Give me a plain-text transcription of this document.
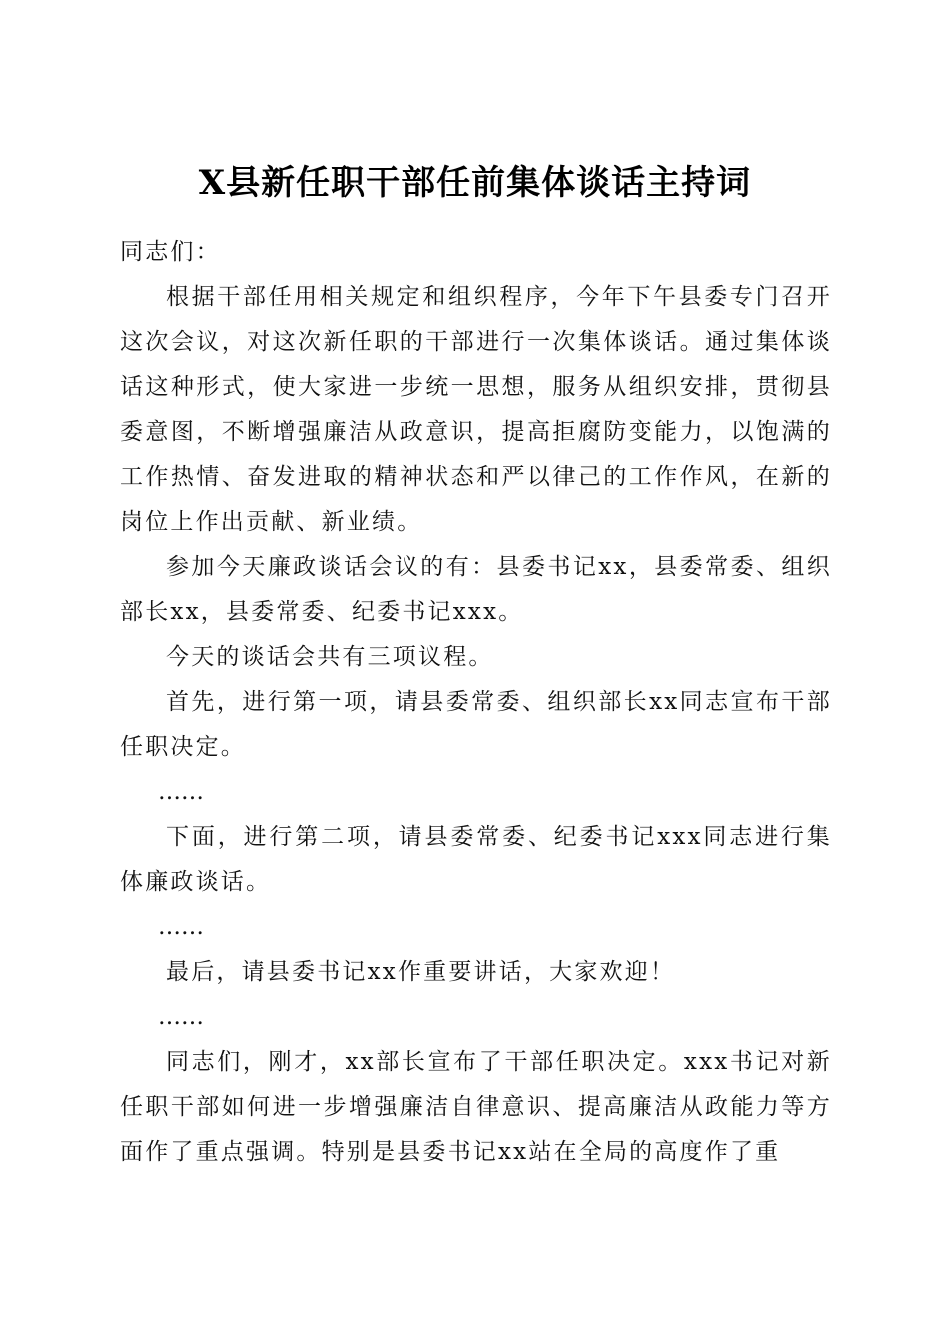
X县新任职干部任前集体谈话主持词

同志们：

根据干部任用相关规定和组织程序，今年下午县委专门召开这次会议，对这次新任职的干部进行一次集体谈话。通过集体谈话这种形式，使大家进一步统一思想，服务从组织安排，贯彻县委意图，不断增强廉洁从政意识，提高拒腐防变能力，以饱满的工作热情、奋发进取的精神状态和严以律己的工作作风，在新的岗位上作出贡献、新业绩。

参加今天廉政谈话会议的有：县委书记xx，县委常委、组织部长xx，县委常委、纪委书记xxx。

今天的谈话会共有三项议程。

首先，进行第一项，请县委常委、组织部长xx同志宣布干部任职决定。

……

下面，进行第二项，请县委常委、纪委书记xxx同志进行集体廉政谈话。

……

最后，请县委书记xx作重要讲话，大家欢迎！

……

同志们，刚才，xx部长宣布了干部任职决定。xxx书记对新任职干部如何进一步增强廉洁自律意识、提高廉洁从政能力等方面作了重点强调。特别是县委书记xx站在全局的高度作了重
